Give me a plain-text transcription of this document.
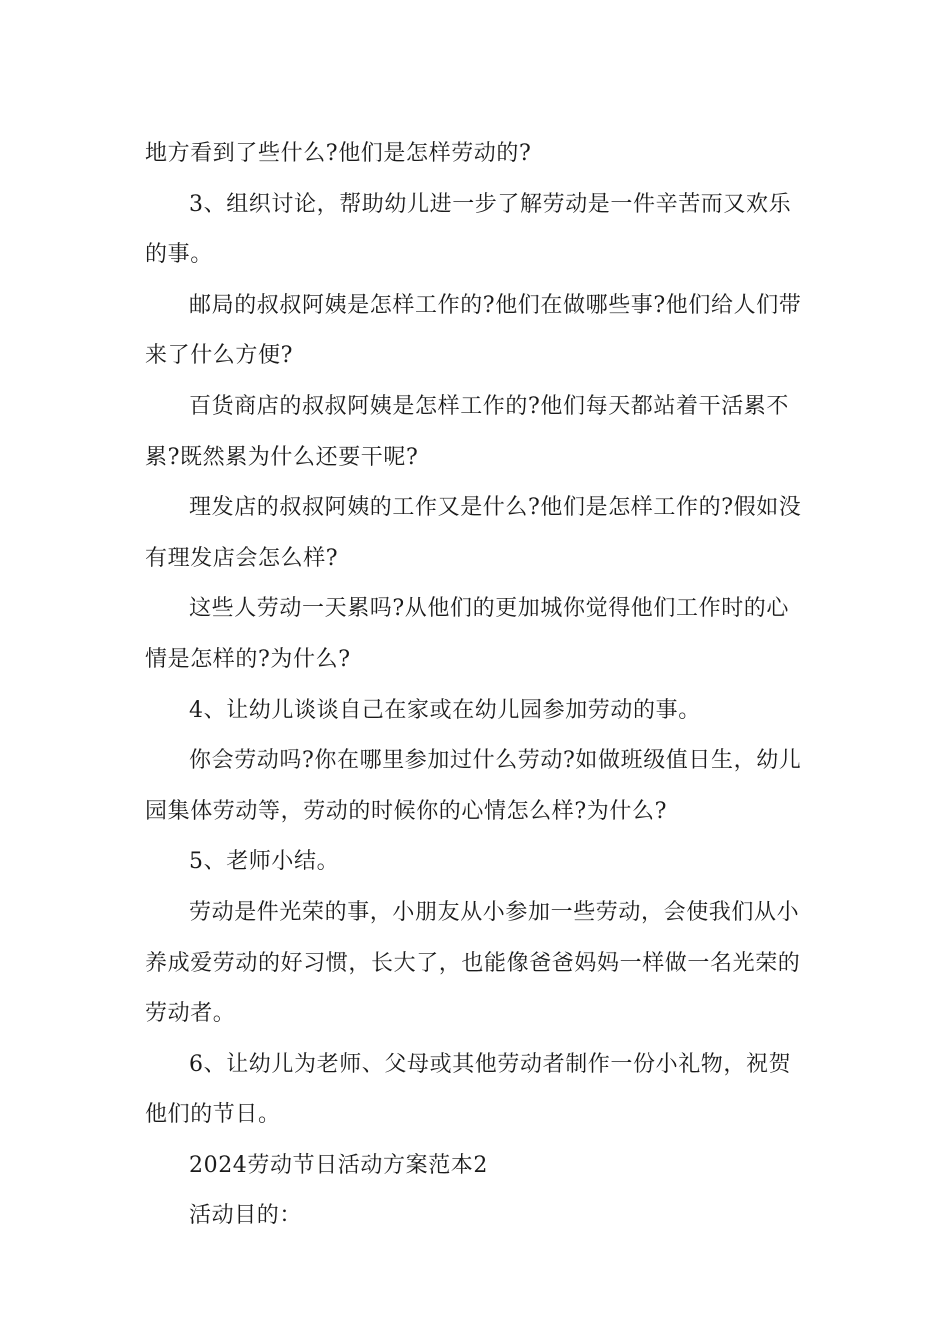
地方看到了些什么?他们是怎样劳动的?

3、组织讨论，帮助幼儿进一步了解劳动是一件辛苦而又欢乐的事。

邮局的叔叔阿姨是怎样工作的?他们在做哪些事?他们给人们带来了什么方便?

百货商店的叔叔阿姨是怎样工作的?他们每天都站着干活累不累?既然累为什么还要干呢?

理发店的叔叔阿姨的工作又是什么?他们是怎样工作的?假如没有理发店会怎么样?

这些人劳动一天累吗?从他们的更加城你觉得他们工作时的心情是怎样的?为什么?

4、让幼儿谈谈自己在家或在幼儿园参加劳动的事。

你会劳动吗?你在哪里参加过什么劳动?如做班级值日生，幼儿园集体劳动等，劳动的时候你的心情怎么样?为什么?

5、老师小结。

劳动是件光荣的事，小朋友从小参加一些劳动，会使我们从小养成爱劳动的好习惯，长大了，也能像爸爸妈妈一样做一名光荣的劳动者。

6、让幼儿为老师、父母或其他劳动者制作一份小礼物，祝贺他们的节日。

2024劳动节日活动方案范本2

活动目的：
